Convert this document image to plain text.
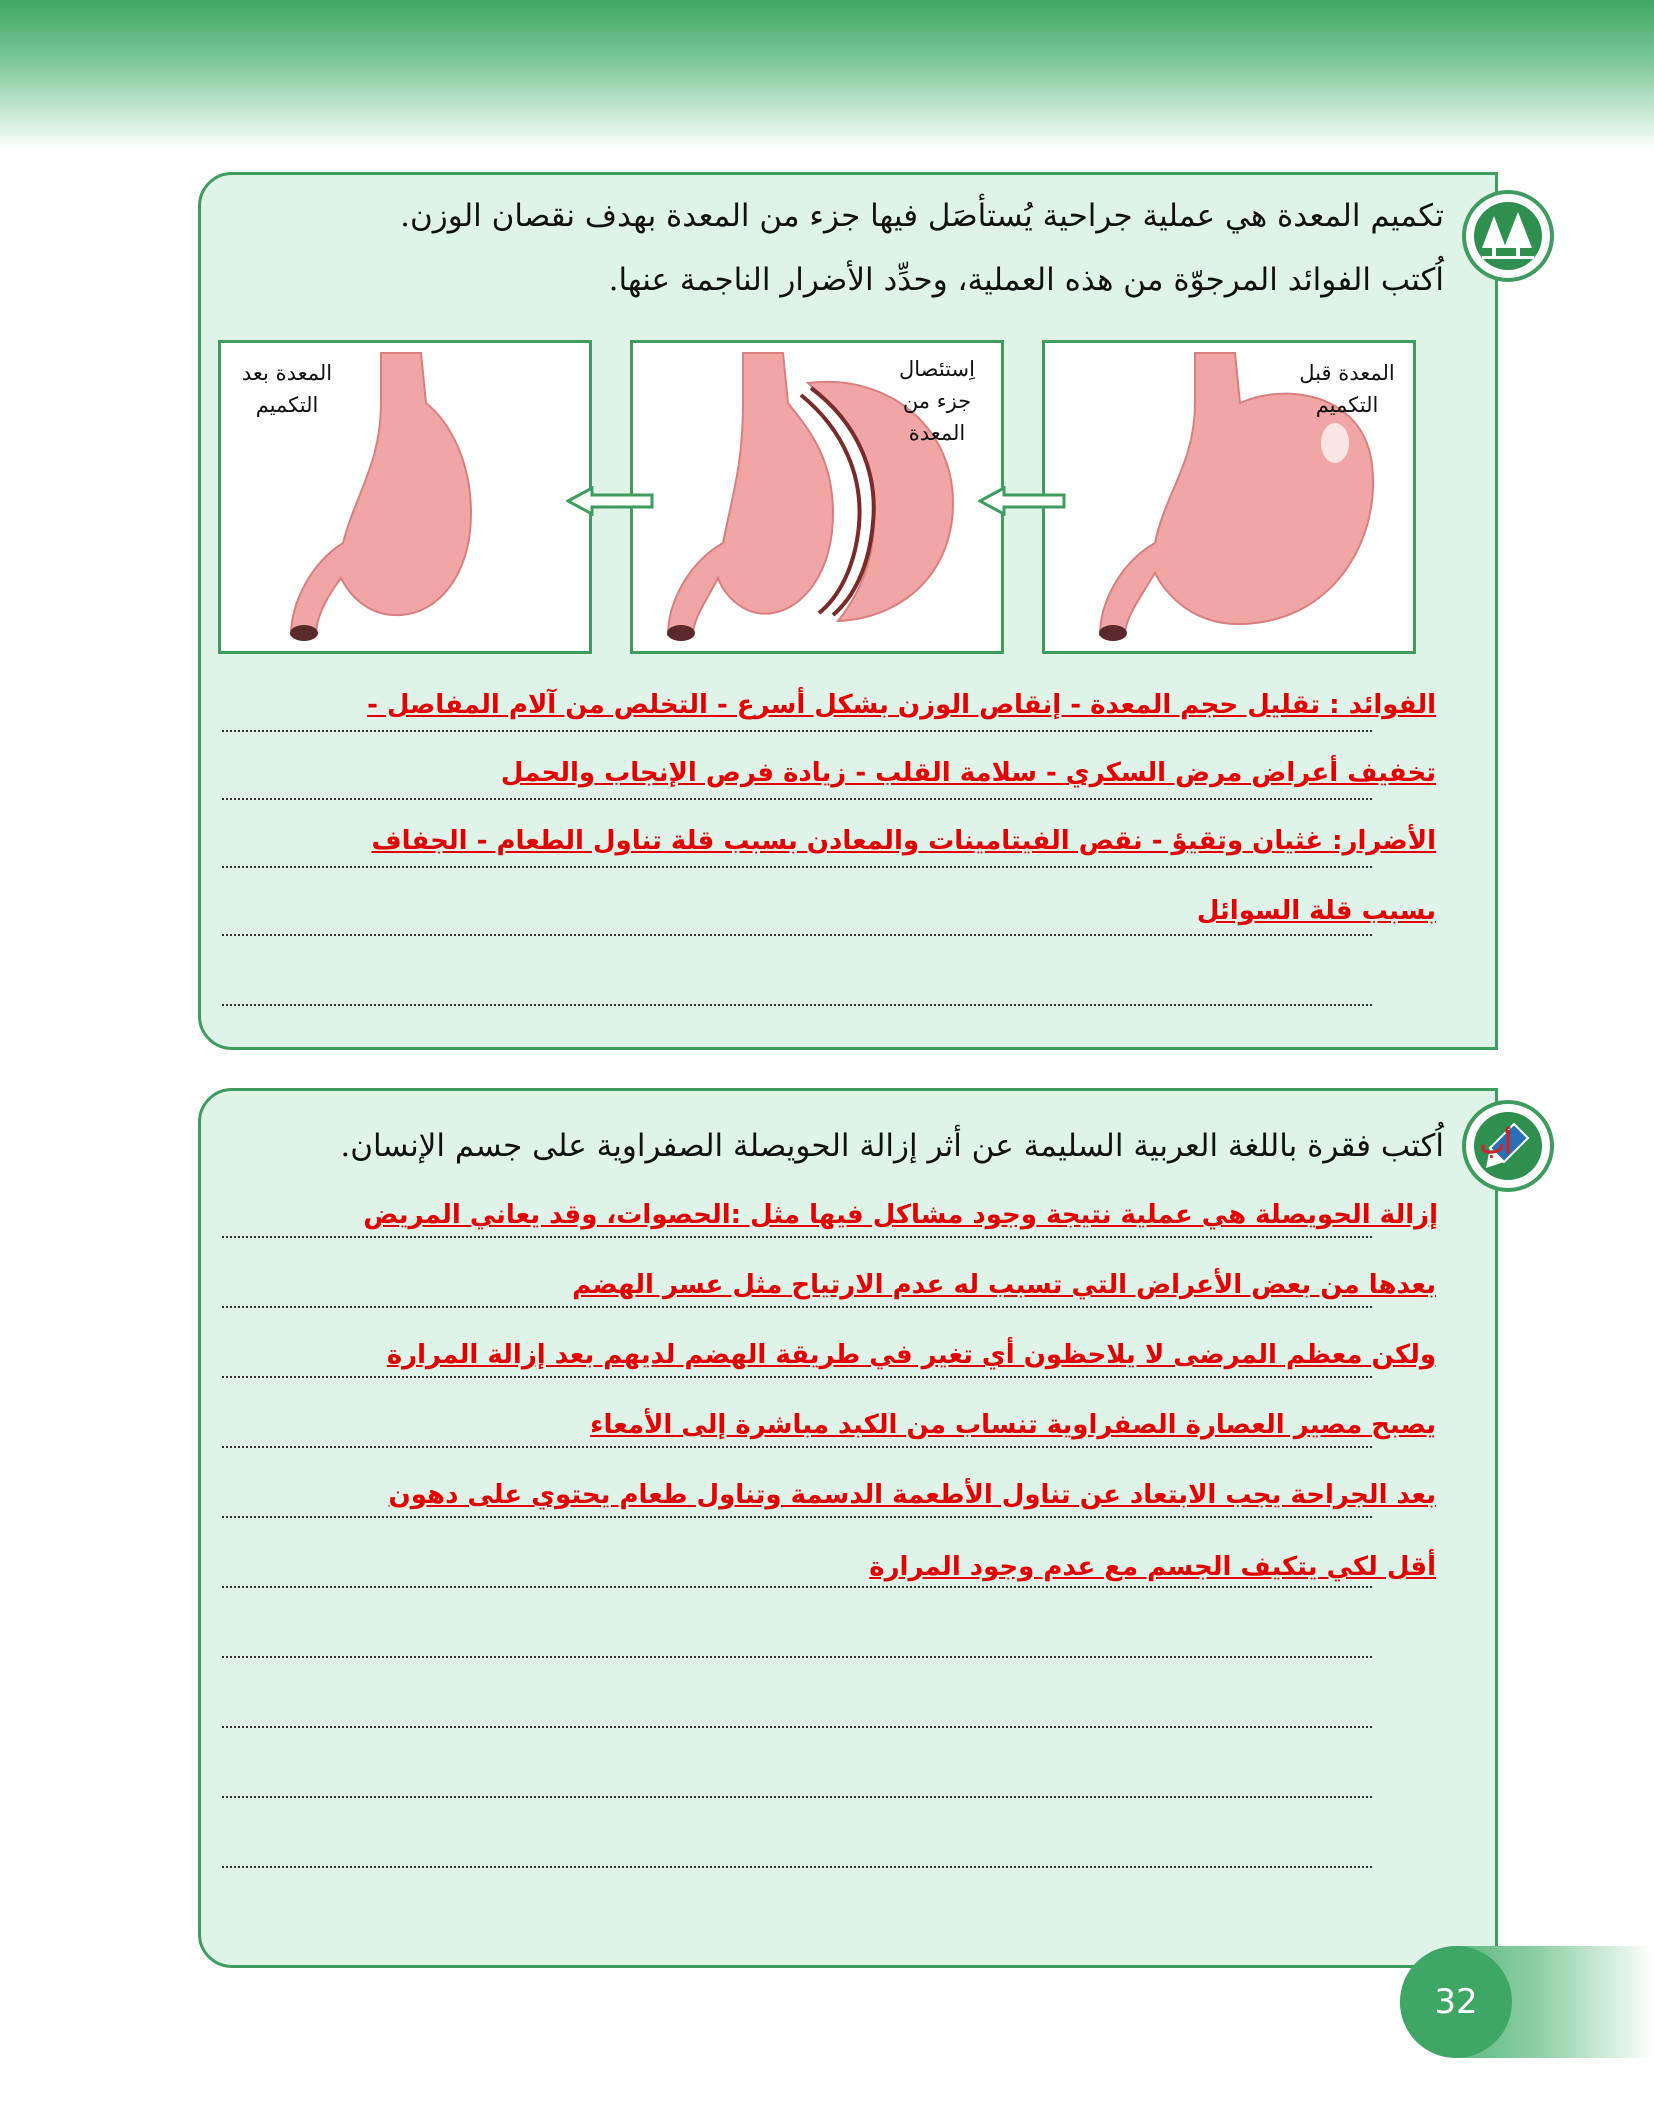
تكميم المعدة هي عملية جراحية يُستأصَل فيها جزء من المعدة بهدف نقصان الوزن.
اُكتب الفوائد المرجوّة من هذه العملية، وحدِّد الأضرار الناجمة عنها.
المعدة قبل
التكميم
اِستئصال
جزء من
المعدة
المعدة بعد
التكميم
الفوائد : تقليل حجم المعدة - إنقاص الوزن بشكل أسرع - التخلص من آلام المفاصل -
تخفيف أعراض مرض السكري - سلامة القلب - زيادة فرص الإنجاب والحمل
الأضرار: غثيان وتقيؤ - نقص الفيتامينات والمعادن بسبب قلة تناول الطعام - الجفاف
بسبب قلة السوائل
أب
اُكتب فقرة باللغة العربية السليمة عن أثر إزالة الحويصلة الصفراوية على جسم الإنسان.
إزالة الحويصلة هي عملية نتيجة وجود مشاكل فيها مثل :الحصوات، وقد يعاني المريض
بعدها من بعض الأعراض التي تسبب له عدم الارتياح مثل عسر الهضم
ولكن معظم المرضى لا يلاحظون أي تغير في طريقة الهضم لديهم بعد إزالة المرارة
يصبح مصير العصارة الصفراوية تنساب من الكبد مباشرة إلى الأمعاء
بعد الجراحة يجب الابتعاد عن تناول الأطعمة الدسمة وتناول طعام يحتوي على دهون
أقل لكي يتكيف الجسم مع عدم وجود المرارة
32
